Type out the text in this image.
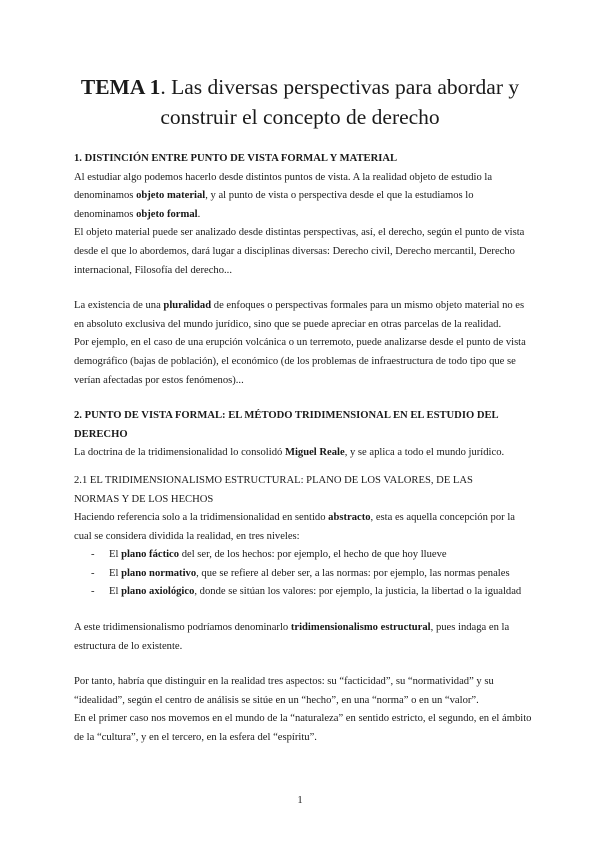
TEMA 1. Las diversas perspectivas para abordar y
construir el concepto de derecho

1. DISTINCIÓN ENTRE PUNTO DE VISTA FORMAL Y MATERIAL

Al estudiar algo podemos hacerlo desde distintos puntos de vista. A la realidad objeto de estudio la denominamos objeto material, y al punto de vista o perspectiva desde el que la estudiamos lo denominamos objeto formal.

El objeto material puede ser analizado desde distintas perspectivas, así, el derecho, según el punto de vista desde el que lo abordemos, dará lugar a disciplinas diversas: Derecho civil, Derecho mercantil, Derecho internacional, Filosofía del derecho...

La existencia de una pluralidad de enfoques o perspectivas formales para un mismo objeto material no es en absoluto exclusiva del mundo jurídico, sino que se puede apreciar en otras parcelas de la realidad.

Por ejemplo, en el caso de una erupción volcánica o un terremoto, puede analizarse desde el punto de vista demográfico (bajas de población), el económico (de los problemas de infraestructura de todo tipo que se verían afectadas por estos fenómenos)...

2. PUNTO DE VISTA FORMAL: EL MÉTODO TRIDIMENSIONAL EN EL ESTUDIO DEL
DERECHO

La doctrina de la tridimensionalidad lo consolidó Miguel Reale, y se aplica a todo el mundo jurídico.

2.1 EL TRIDIMENSIONALISMO ESTRUCTURAL: PLANO DE LOS VALORES, DE LAS
NORMAS Y DE LOS HECHOS

Haciendo referencia solo a la tridimensionalidad en sentido abstracto, esta es aquella concepción por la cual se considera dividida la realidad, en tres niveles:

- El plano fáctico del ser, de los hechos: por ejemplo, el hecho de que hoy llueve
- El plano normativo, que se refiere al deber ser, a las normas: por ejemplo, las normas penales
- El plano axiológico, donde se sitúan los valores: por ejemplo, la justicia, la libertad o la igualdad

A este tridimensionalismo podríamos denominarlo tridimensionalismo estructural, pues indaga en la estructura de lo existente.

Por tanto, habría que distinguir en la realidad tres aspectos: su “facticidad”, su “normatividad” y su “idealidad”, según el centro de análisis se sitúe en un “hecho”, en una “norma” o en un “valor”.

En el primer caso nos movemos en el mundo de la “naturaleza” en sentido estricto, el segundo, en el ámbito de la “cultura”, y en el tercero, en la esfera del “espíritu”.

1
